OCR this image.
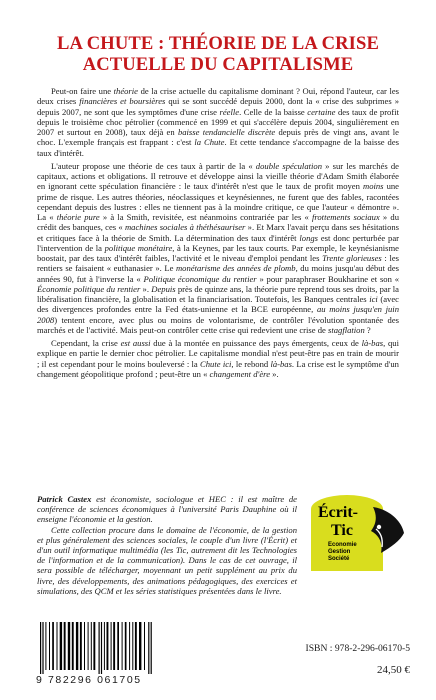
LA CHUTE : THÉORIE DE LA CRISE
ACTUELLE DU CAPITALISME

Peut-on faire une théorie de la crise actuelle du capitalisme dominant ? Oui, répond l'auteur, car les deux crises financières et boursières qui se sont succédé depuis 2000, dont la « crise des subprimes » depuis 2007, ne sont que les symptômes d'une crise réelle. Celle de la baisse certaine des taux de profit depuis le troisième choc pétrolier (commencé en 1999 et qui s'accélère depuis 2004, singulièrement en 2007 et surtout en 2008), taux déjà en baisse tendancielle discrète depuis près de vingt ans, avant le choc. L'exemple français est frappant : c'est la Chute. Et cette tendance s'accompagne de la baisse des taux d'intérêt.

L'auteur propose une théorie de ces taux à partir de la « double spéculation » sur les marchés de capitaux, actions et obligations. Il retrouve et développe ainsi la vieille théorie d'Adam Smith élaborée en ignorant cette spéculation financière : le taux d'intérêt n'est que le taux de profit moyen moins une prime de risque. Les autres théories, néoclassiques et keynésiennes, ne furent que des fables, racontées cependant depuis des lustres : elles ne tiennent pas à la moindre critique, ce que l'auteur « démontre ». La « théorie pure » à la Smith, revisitée, est néanmoins contrariée par les « frottements sociaux » du crédit des banques, ces « machines sociales à théthésauriser ». Et Marx l'avait perçu dans ses hésitations et critiques face à la théorie de Smith. La détermination des taux d'intérêt longs est donc perturbée par l'intervention de la politique monétaire, à la Keynes, par les taux courts. Par exemple, le keynésianisme boostait, par des taux d'intérêt faibles, l'activité et le niveau d'emploi pendant les Trente glorieuses : les rentiers se faisaient « euthanasier ». Le monétarisme des années de plomb, du moins jusqu'au début des années 90, fut à l'inverse la « Politique économique du rentier » pour paraphraser Boukharine et son « Économie politique du rentier ». Depuis près de quinze ans, la théorie pure reprend tous ses droits, par la libéralisation financière, la globalisation et la financiarisation. Toutefois, les Banques centrales ici (avec des divergences profondes entre la Fed états-unienne et la BCE européenne, au moins jusqu'en juin 2008) tentent encore, avec plus ou moins de volontarisme, de contrôler l'évolution spontanée des marchés et de l'activité. Mais peut-on contrôler cette crise qui redevient une crise de stagflation ?

Cependant, la crise est aussi due à la montée en puissance des pays émergents, ceux de là-bas, qui explique en partie le dernier choc pétrolier. Le capitalisme mondial n'est peut-être pas en train de mourir ; il est cependant pour le moins bouleversé : la Chute ici, le rebond là-bas. La crise est le symptôme d'un changement géopolitique profond ; peut-être un « changement d'ère ».

Patrick Castex est économiste, sociologue et HEC : il est maître de conférence de sciences économiques à l'université Paris Dauphine où il enseigne l'économie et la gestion.

Cette collection procure dans le domaine de l'économie, de la gestion et plus généralement des sciences sociales, le couple d'un livre (l'Écrit) et d'un outil informatique multimédia (les Tic, autrement dit les Technologies de l'information et de la communication). Dans le cas de cet ouvrage, il sera possible de télécharger, moyennant un petit supplément au prix du livre, des développements, des animations pédagogiques, des exercices et simulations, des QCM et les séries statistiques présentées dans le livre.

Écrit-
Tic
Economie
Gestion
Société
9 782296 061705
ISBN : 978-2-296-06170-5
24,50 €
